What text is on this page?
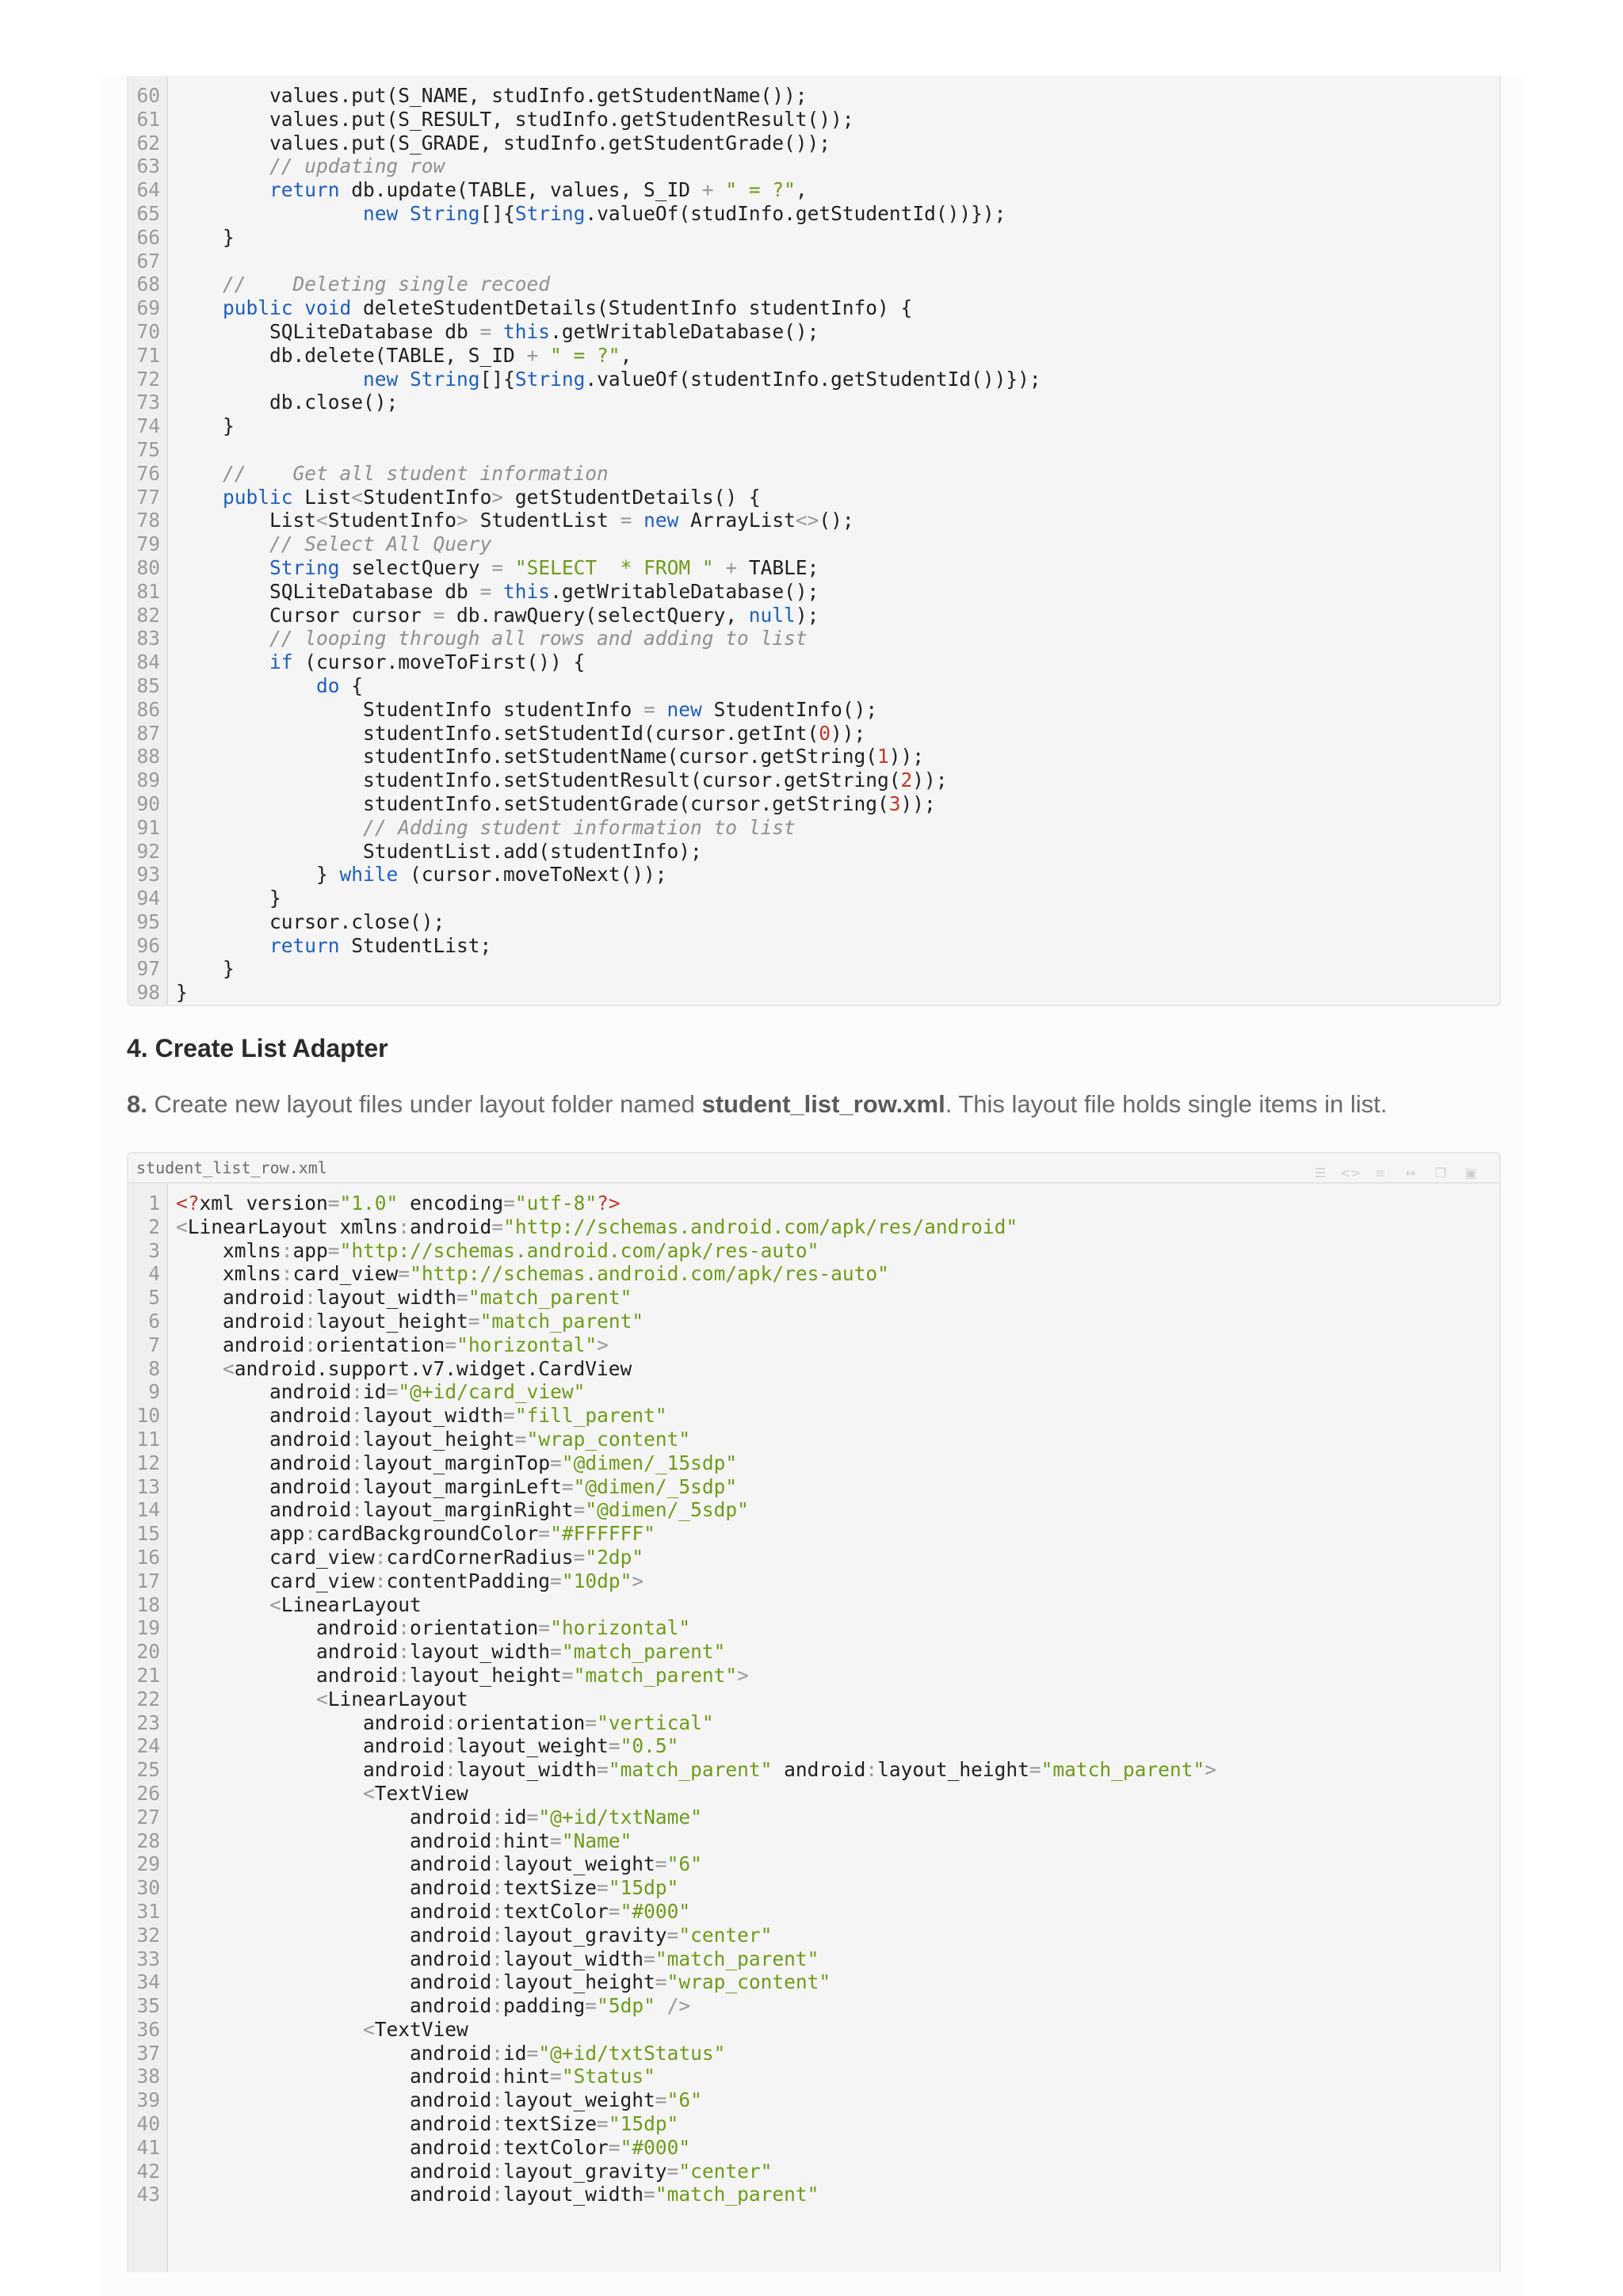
60        values.put(S_NAME, studInfo.getStudentName());
61        values.put(S_RESULT, studInfo.getStudentResult());
62        values.put(S_GRADE, studInfo.getStudentGrade());
63	// updating row
64	return db.update(TABLE, values, S_ID + " = ?",
65	new String[]{String.valueOf(studInfo.getStudentId())});
66    }
67
68	//    Deleting single recoed
69	public void deleteStudentDetails(StudentInfo studentInfo) {
70        SQLiteDatabase db = this.getWritableDatabase();
71        db.delete(TABLE, S_ID + " = ?",
72	new String[]{String.valueOf(studentInfo.getStudentId())});
73        db.close();
74    }
75
76	//    Get all student information
77	public List<StudentInfo> getStudentDetails() {
78        List<StudentInfo> StudentList = new ArrayList<>();
79	// Select All Query
80	String selectQuery = "SELECT  * FROM " + TABLE;
81        SQLiteDatabase db = this.getWritableDatabase();
82        Cursor cursor = db.rawQuery(selectQuery, null);
83	// looping through all rows and adding to list
84	if (cursor.moveToFirst()) {
85	do {
86                StudentInfo studentInfo = new StudentInfo();
87                studentInfo.setStudentId(cursor.getInt(0));
88                studentInfo.setStudentName(cursor.getString(1));
89                studentInfo.setStudentResult(cursor.getString(2));
90                studentInfo.setStudentGrade(cursor.getString(3));
91	// Adding student information to list
92                StudentList.add(studentInfo);
93            } while (cursor.moveToNext());
94        }
95        cursor.close();
96	return StudentList;
97    }
98 }
4. Create List Adapter

8. Create new layout files under layout folder named student_list_row.xml. This layout file holds single items in list.

student_list_row.xml	☰	<>	≡	↔	❐	▣
1 <?xml version="1.0" encoding="utf-8"?>
2 <LinearLayout xmlns:android="http://schemas.android.com/apk/res/android"
3    xmlns:app="http://schemas.android.com/apk/res-auto"
4    xmlns:card_view="http://schemas.android.com/apk/res-auto"
5    android:layout_width="match_parent"
6    android:layout_height="match_parent"
7    android:orientation="horizontal">
8	<android.support.v7.widget.CardView
9        android:id="@+id/card_view"
10        android:layout_width="fill_parent"
11        android:layout_height="wrap_content"
12        android:layout_marginTop="@dimen/_15sdp"
13        android:layout_marginLeft="@dimen/_5sdp"
14        android:layout_marginRight="@dimen/_5sdp"
15        app:cardBackgroundColor="#FFFFFF"
16        card_view:cardCornerRadius="2dp"
17        card_view:contentPadding="10dp">
18	<LinearLayout
19            android:orientation="horizontal"
20            android:layout_width="match_parent"
21            android:layout_height="match_parent">
22	<LinearLayout
23                android:orientation="vertical"
24                android:layout_weight="0.5"
25                android:layout_width="match_parent" android:layout_height="match_parent">
26	<TextView
27                    android:id="@+id/txtName"
28                    android:hint="Name"
29                    android:layout_weight="6"
30                    android:textSize="15dp"
31                    android:textColor="#000"
32                    android:layout_gravity="center"
33                    android:layout_width="match_parent"
34                    android:layout_height="wrap_content"
35                    android:padding="5dp" />
36	<TextView
37                    android:id="@+id/txtStatus"
38                    android:hint="Status"
39                    android:layout_weight="6"
40                    android:textSize="15dp"
41                    android:textColor="#000"
42                    android:layout_gravity="center"
43                    android:layout_width="match_parent"
